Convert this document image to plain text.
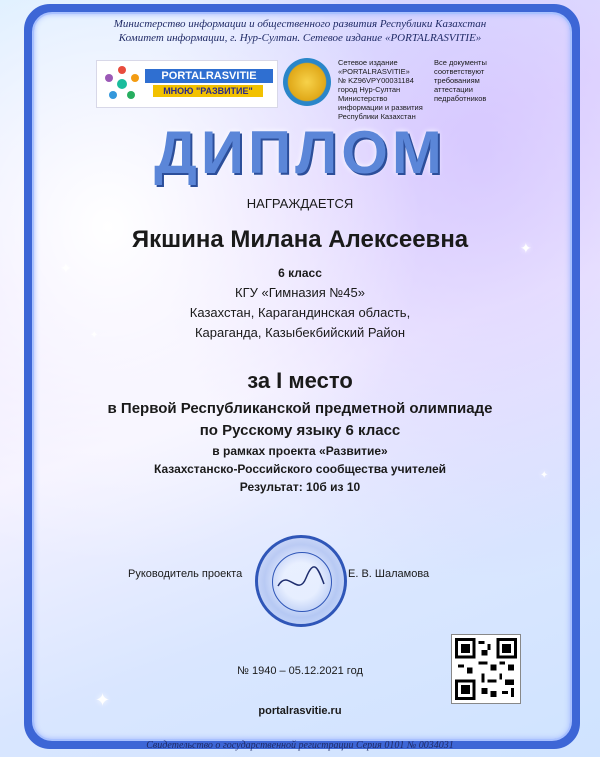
✦
✦
✦
✦
✦
Министерство информации и общественного развития Республики Казахстан
Комитет информации, г. Нур-Султан. Сетевое издание «PORTALRASVITIE»
PORTALRASVITIE
МНОЮ "РАЗВИТИЕ"
Сетевое издание
«PORTALRASVITIE»
№ KZ96VPY00031184
город Нур-Султан
Министерство
информации и развития
Республики Казахстан
Все документы
соответствуют
требованиям
аттестации
педработников
ДИПЛОМ
НАГРАЖДАЕТСЯ
Якшина Милана Алексеевна
6 класс
КГУ «Гимназия №45»
Казахстан, Карагандинская область,
Караганда, Казыбекбийский Район
за I место
в Первой Республиканской предметной олимпиаде
по Русскому языку 6 класс
в рамках проекта «Развитие»
Казахстанско-Российского сообщества учителей
Результат: 10б из 10
Руководитель проекта	Е. В. Шаламова
№ 1940 – 05.12.2021 год
portalrasvitie.ru
Свидетельство о государственной регистрации Серия 0101 № 0034031
